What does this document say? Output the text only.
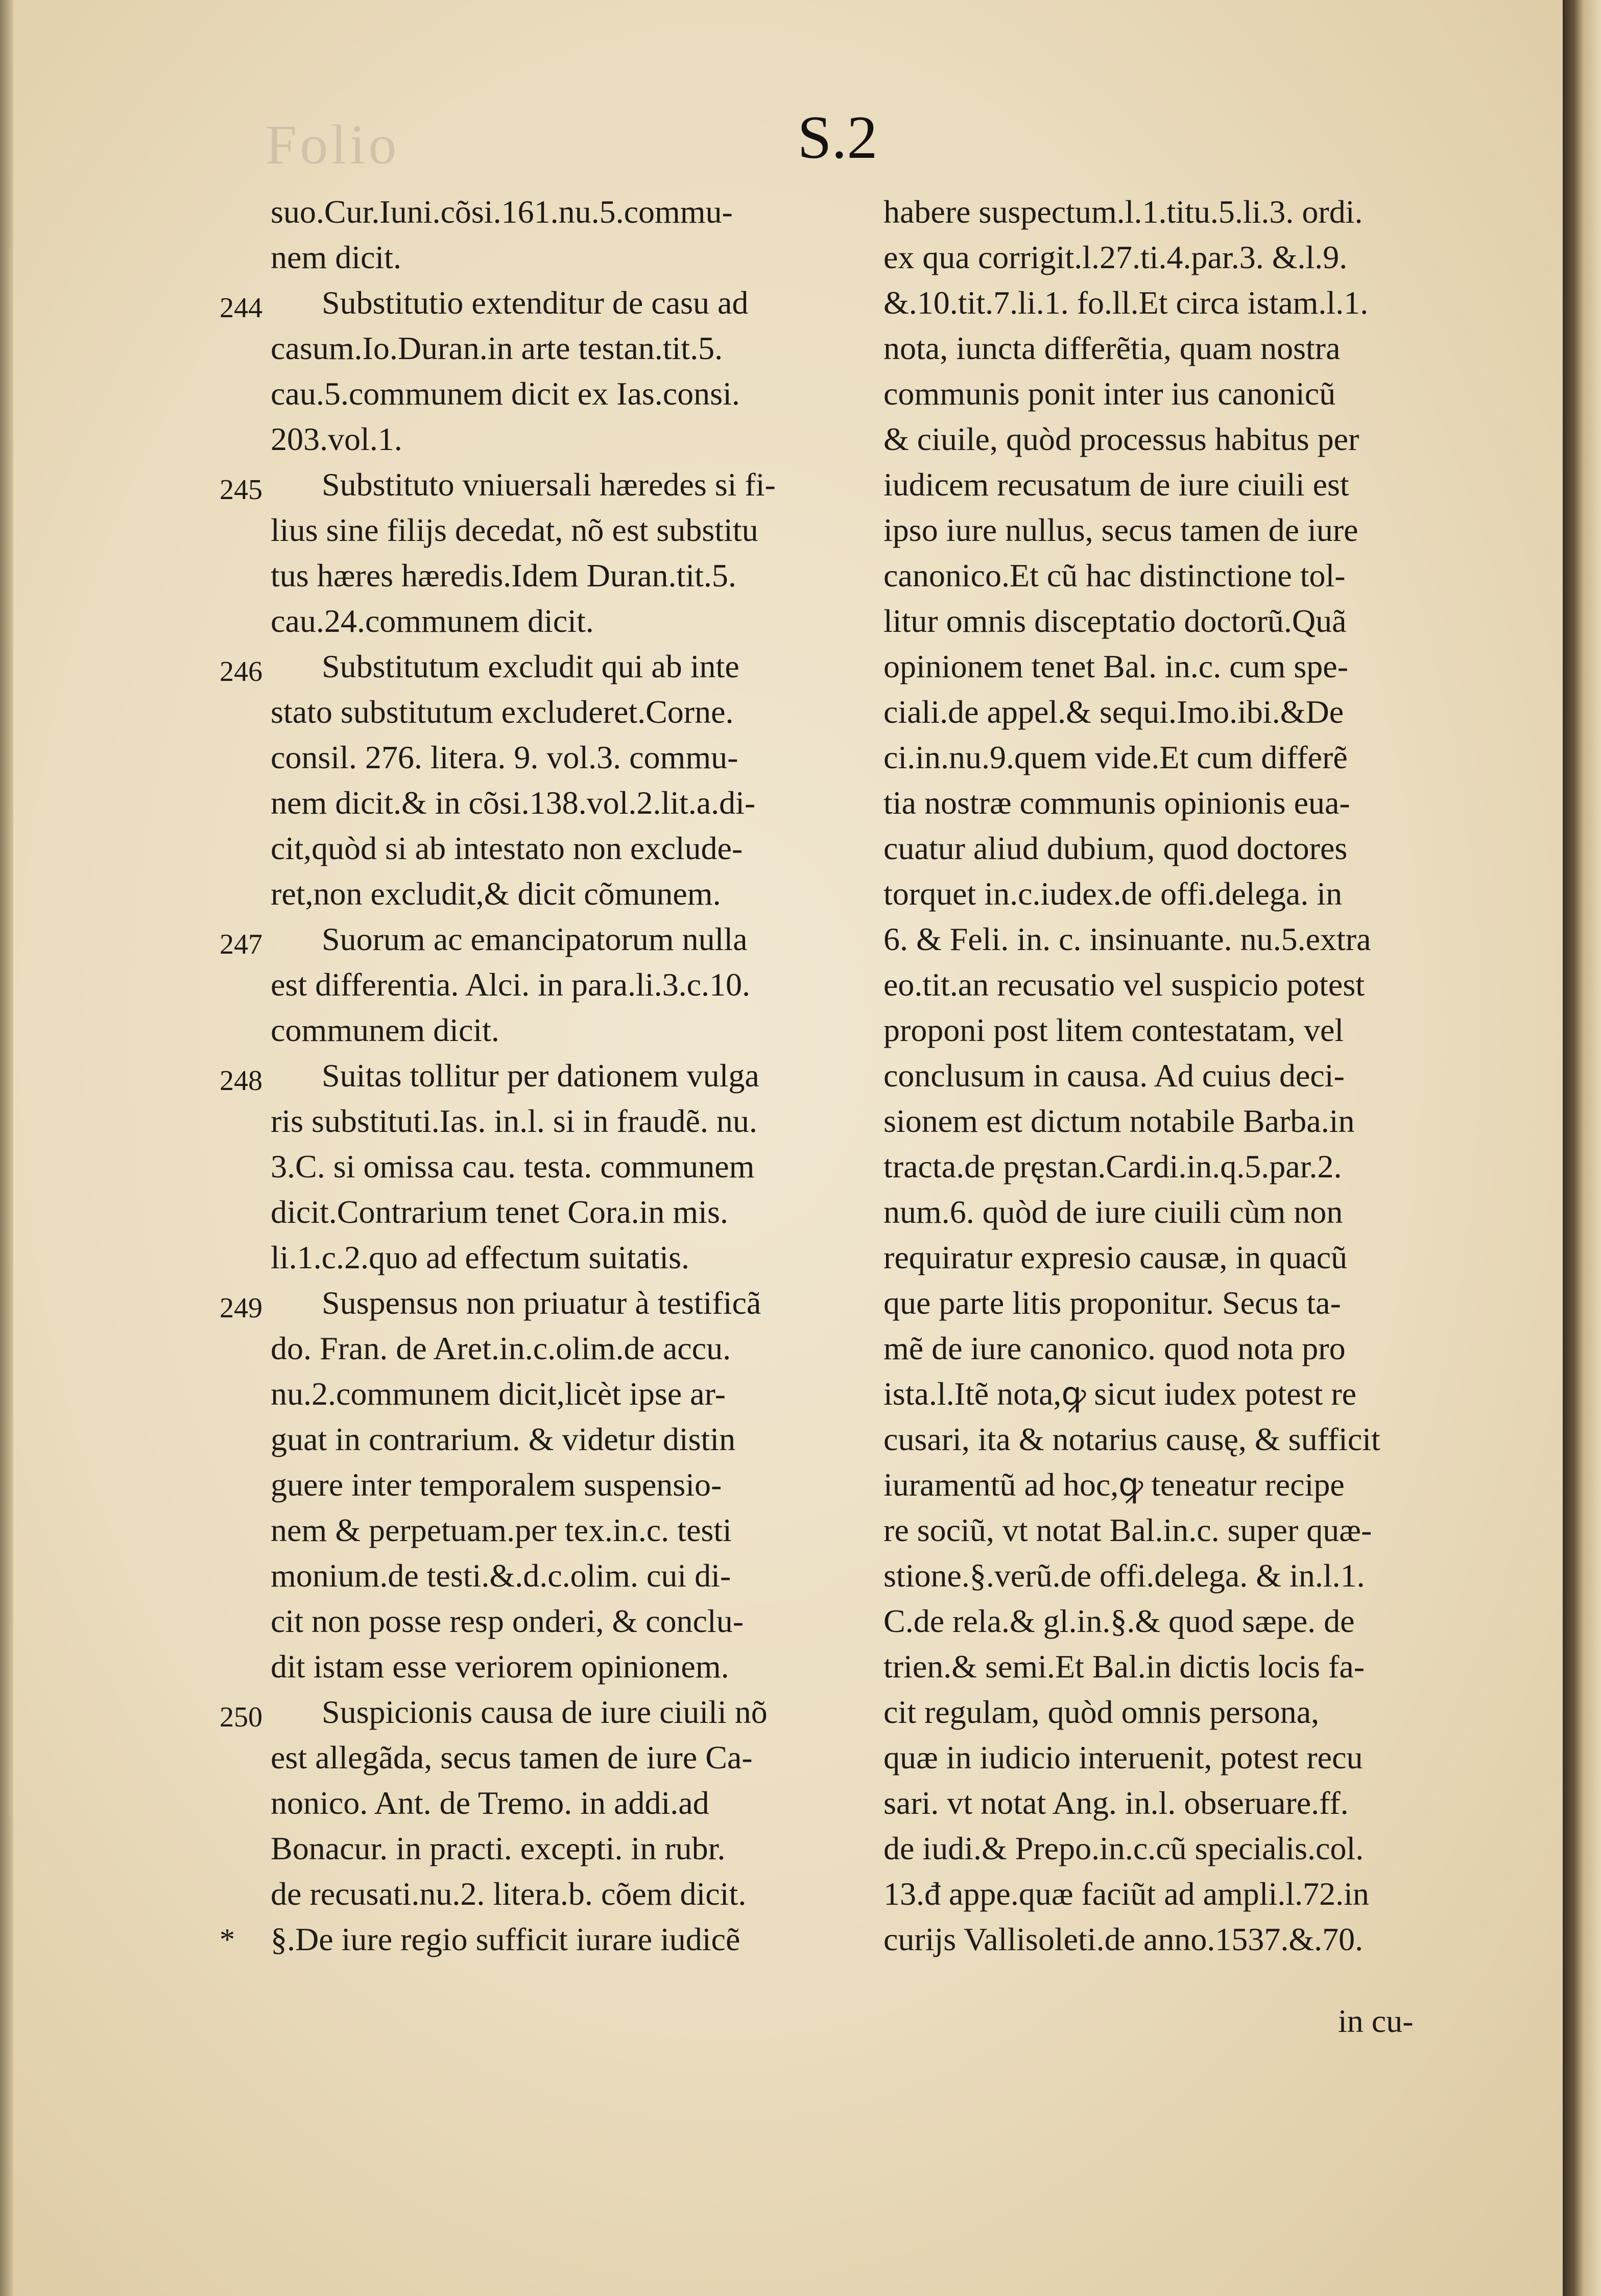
Folio	S.2
suo.Cur.Iuni.cõsi.161.nu.5.commu-
nem dicit.
Substitutio extenditur de casu ad
casum.Io.Duran.in arte testan.tit.5.
cau.5.communem dicit ex Ias.consi.
203.vol.1.
Substituto vniuersali hæredes si fi-
lius sine filijs decedat, nõ est substitu
tus hæres hæredis.Idem Duran.tit.5.
cau.24.communem dicit.
Substitutum excludit qui ab inte
stato substitutum excluderet.Corne.
consil. 276. litera. 9. vol.3. commu-
nem dicit.& in cõsi.138.vol.2.lit.a.di-
cit,quòd si ab intestato non exclude-
ret,non excludit,& dicit cõmunem.
Suorum ac emancipatorum nulla
est differentia. Alci. in para.li.3.c.10.
communem dicit.
Suitas tollitur per dationem vulga
ris substituti.Ias. in.l. si in fraudẽ. nu.
3.C. si omissa cau. testa. communem
dicit.Contrarium tenet Cora.in mis.
li.1.c.2.quo ad effectum suitatis.
Suspensus non priuatur à testificã
do. Fran. de Aret.in.c.olim.de accu.
nu.2.communem dicit,licèt ipse ar-
guat in contrarium. & videtur distin
guere inter temporalem suspensio-
nem & perpetuam.per tex.in.c. testi
monium.de testi.&.d.c.olim. cui di-
cit non posse resp onderi, & conclu-
dit istam esse veriorem opinionem.
Suspicionis causa de iure ciuili nõ
est allegãda, secus tamen de iure Ca-
nonico. Ant. de Tremo. in addi.ad
Bonacur. in practi. excepti. in rubr.
de recusati.nu.2. litera.b. cõem dicit.
§.De iure regio sufficit iurare iudicẽ
244
245
246
247
248
249
250
*
habere suspectum.l.1.titu.5.li.3. ordi.
ex qua corrigit.l.27.ti.4.par.3. &.l.9.
&.10.tit.7.li.1. fo.ll.Et circa istam.l.1.
nota, iuncta differẽtia, quam nostra
communis ponit inter ius canonicũ
& ciuile, quòd processus habitus per
iudicem recusatum de iure ciuili est
ipso iure nullus, secus tamen de iure
canonico.Et cũ hac distinctione tol-
litur omnis disceptatio doctorũ.Quã
opinionem tenet Bal. in.c. cum spe-
ciali.de appel.& sequi.Imo.ibi.&De
ci.in.nu.9.quem vide.Et cum differẽ
tia nostræ communis opinionis eua-
cuatur aliud dubium, quod doctores
torquet in.c.iudex.de offi.delega. in
6. & Feli. in. c. insinuante. nu.5.extra
eo.tit.an recusatio vel suspicio potest
proponi post litem contestatam, vel
conclusum in causa. Ad cuius deci-
sionem est dictum notabile Barba.in
tracta.de pręstan.Cardi.in.q.5.par.2.
num.6. quòd de iure ciuili cùm non
requiratur expresio causæ, in quacũ
que parte litis proponitur. Secus ta-
mẽ de iure canonico. quod nota pro
ista.l.Itẽ nota,ꝙ sicut iudex potest re
cusari, ita & notarius causę, & sufficit
iuramentũ ad hoc,ꝙ teneatur recipe
re sociũ, vt notat Bal.in.c. super quæ-
stione.§.verũ.de offi.delega. & in.l.1.
C.de rela.& gl.in.§.& quod sæpe. de
trien.& semi.Et Bal.in dictis locis fa-
cit regulam, quòd omnis persona,
quæ in iudicio interuenit, potest recu
sari. vt notat Ang. in.l. obseruare.ff.
de iudi.& Prepo.in.c.cũ specialis.col.
13.đ appe.quæ faciũt ad ampli.l.72.in
curijs Vallisoleti.de anno.1537.&.70.
in cu-
